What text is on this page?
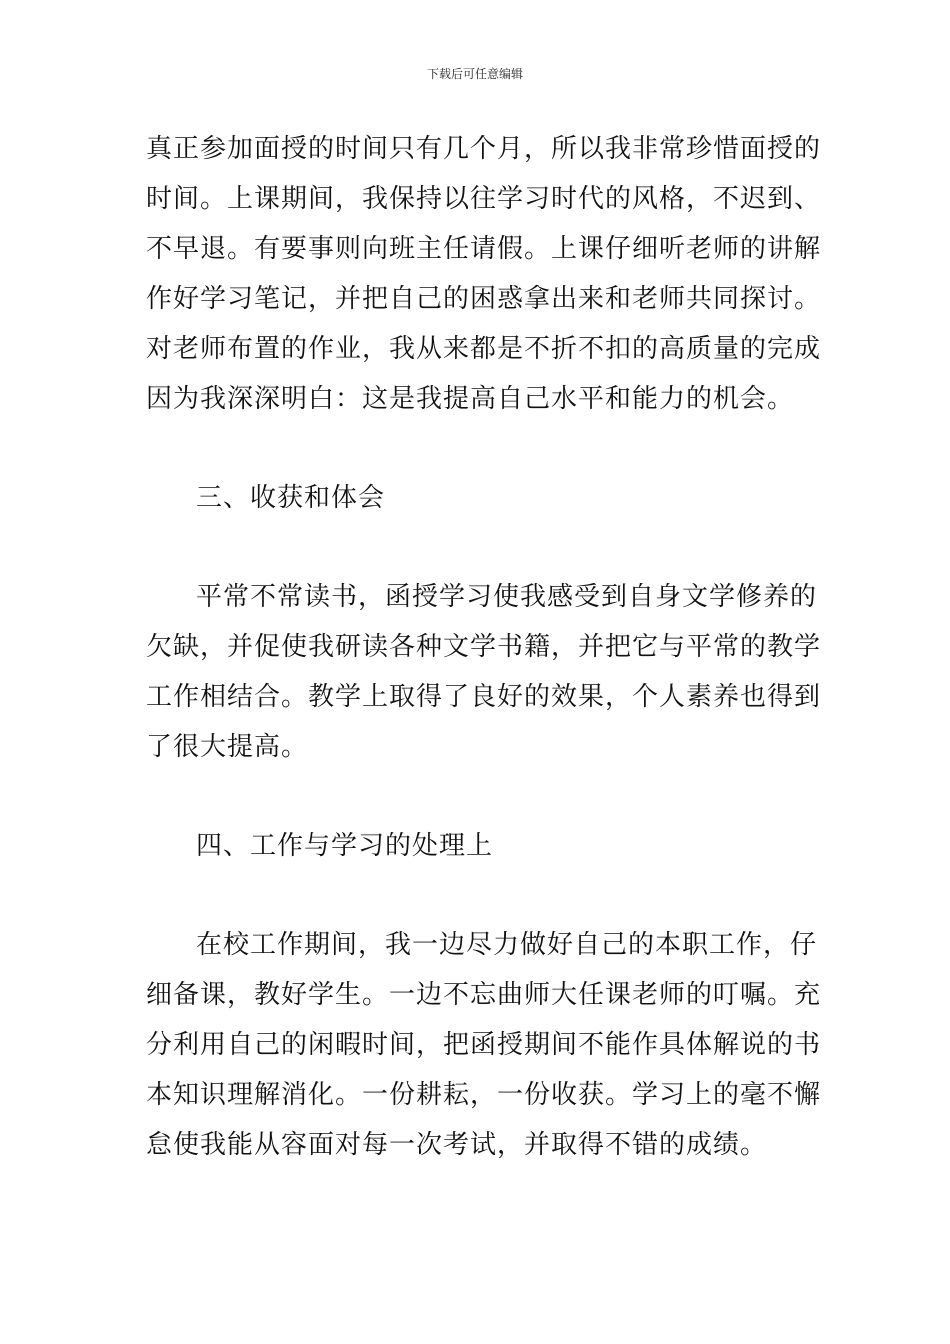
下载后可任意编辑
真正参加面授的时间只有几个月，所以我非常珍惜面授的
时间。上课期间，我保持以往学习时代的风格，不迟到、
不早退。有要事则向班主任请假。上课仔细听老师的讲解
作好学习笔记，并把自己的困惑拿出来和老师共同探讨。
对老师布置的作业，我从来都是不折不扣的高质量的完成
因为我深深明白：这是我提高自己水平和能力的机会。
三、收获和体会
平常不常读书，函授学习使我感受到自身文学修养的
欠缺，并促使我研读各种文学书籍，并把它与平常的教学
工作相结合。教学上取得了良好的效果，个人素养也得到
了很大提高。
四、工作与学习的处理上
在校工作期间，我一边尽力做好自己的本职工作，仔
细备课，教好学生。一边不忘曲师大任课老师的叮嘱。充
分利用自己的闲暇时间，把函授期间不能作具体解说的书
本知识理解消化。一份耕耘，一份收获。学习上的毫不懈
怠使我能从容面对每一次考试，并取得不错的成绩。
